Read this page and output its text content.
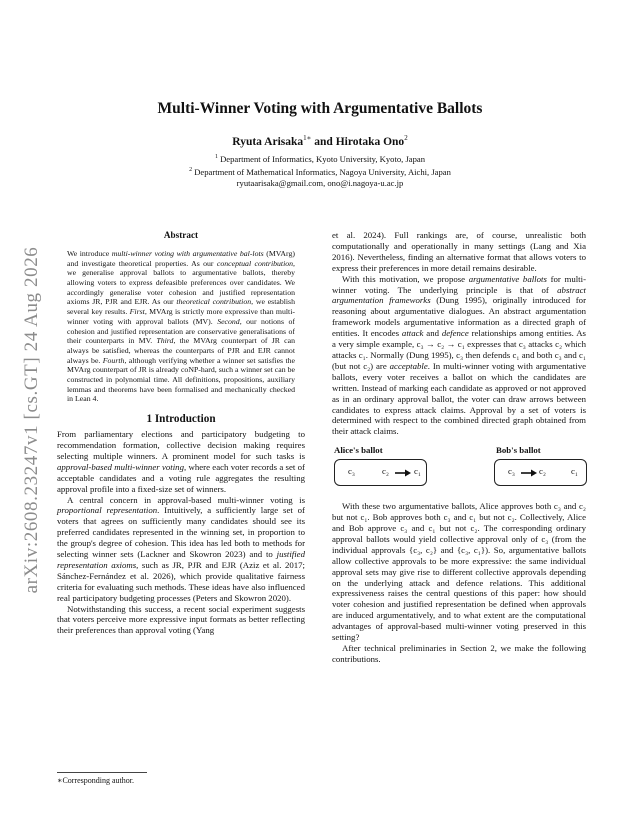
arXiv:2608.23247v1 [cs.GT] 24 Aug 2026
Multi-Winner Voting with Argumentative Ballots
Ryuta Arisaka$^{1∗}$ and Hirotaka Ono$^2$
$^1$ Department of Informatics, Kyoto University, Kyoto, Japan
$^2$ Department of Mathematical Informatics, Nagoya University, Aichi, Japan
ryutaarisaka@gmail.com, ono@i.nagoya-u.ac.jp
Abstract

We introduce multi-winner voting with argumentative bal-lots (MVArg) and investigate theoretical properties. As our conceptual contribution, we generalise approval ballots to argumentative ballots, thereby allowing voters to express defeasible preferences over candidates. We accordingly generalise voter cohesion and justified representation axioms JR, PJR and EJR. As our theoretical contribution, we establish several key results. First, MVArg is strictly more expressive than multi-winner voting with approval ballots (MV). Second, our notions of cohesion and justified representation are conservative generalisations of their counterparts in MV. Third, the MVArg counterpart of JR can always be satisfied, whereas the counterparts of PJR and EJR cannot always be. Fourth, although verifying whether a winner set satisfies the MVArg counterpart of JR is already coNP-hard, such a winner set can be constructed in polynomial time. All definitions, propositions, auxiliary lemmas and theorems have been formalised and mechanically checked in Lean 4.

1 Introduction

From parliamentary elections and participatory budgeting to recommendation formation, collective decision making requires selecting multiple winners. A prominent model for such tasks is approval-based multi-winner voting, where each voter records a set of acceptable candidates and a voting rule aggregates the resulting approval profile into a fixed-size set of winners.

A central concern in approval-based multi-winner voting is proportional representation. Intuitively, a sufficiently large set of voters that agrees on sufficiently many candidates should see its preferred candidates represented in the winning set, in proportion to the group's degree of cohesion. This idea has led both to methods for selecting winner sets (Lackner and Skowron 2023) and to justified representation axioms, such as JR, PJR and EJR (Aziz et al. 2017; Sánchez-Fernández et al. 2026), which provide qualitative fairness criteria for evaluating such methods. These ideas have also influenced real participatory budgeting processes (Peters and Skowron 2020).

Notwithstanding this success, a recent social experiment suggests that voters perceive more expressive input formats as better reflecting their preferences than approval voting (Yang

∗Corresponding author.

et al. 2024). Full rankings are, of course, unrealistic both computationally and operationally in many settings (Lang and Xia 2016). Nevertheless, finding an alternative format that allows voters to express their preferences in more detail remains desirable.

With this motivation, we propose argumentative ballots for multi-winner voting. The underlying principle is that of abstract argumentation frameworks (Dung 1995), originally introduced for reasoning about argumentative dialogues. An abstract argumentation framework models argumentative information as a directed graph of entities. It encodes attack and defence relationships among entities. As a very simple example, c₃ → c₂ → c₁ expresses that c₃ attacks c₂ which attacks c₁. Normally (Dung 1995), c₃ then defends c₁ and both c₃ and c₁ (but not c₂) are acceptable. In multi-winner voting with argumentative ballots, every voter receives a ballot on which the candidates are written. Instead of marking each candidate as approved or not approved as in an ordinary approval ballot, the voter can draw arrows between candidates to express attack claims. Approval by a set of voters is determined with respect to the combined directed graph obtained from their attack claims.

Alice's ballot	Bob's ballot
c₃	c₂	c₁	c₃	c₂	c₁

With these two argumentative ballots, Alice approves both c₃ and c₂ but not c₁. Bob approves both c₃ and c₁ but not c₂. Collectively, Alice and Bob approve c₃ and c₁ but not c₂. The corresponding ordinary approval ballots would yield collective approval only of c₃ (from the individual approvals {c₃, c₂} and {c₃, c₁}). So, argumentative ballots allow collective approvals to be more expressive: the same individual approval sets may give rise to different collective approvals depending on the underlying attack and defence relations. This additional expressiveness raises the central questions of this paper: how should voter cohesion and justified representation be defined when approvals are induced argumentatively, and to what extent are the computational advantages of approval-based multi-winner voting preserved in this setting?

After technical preliminaries in Section 2, we make the following contributions.
